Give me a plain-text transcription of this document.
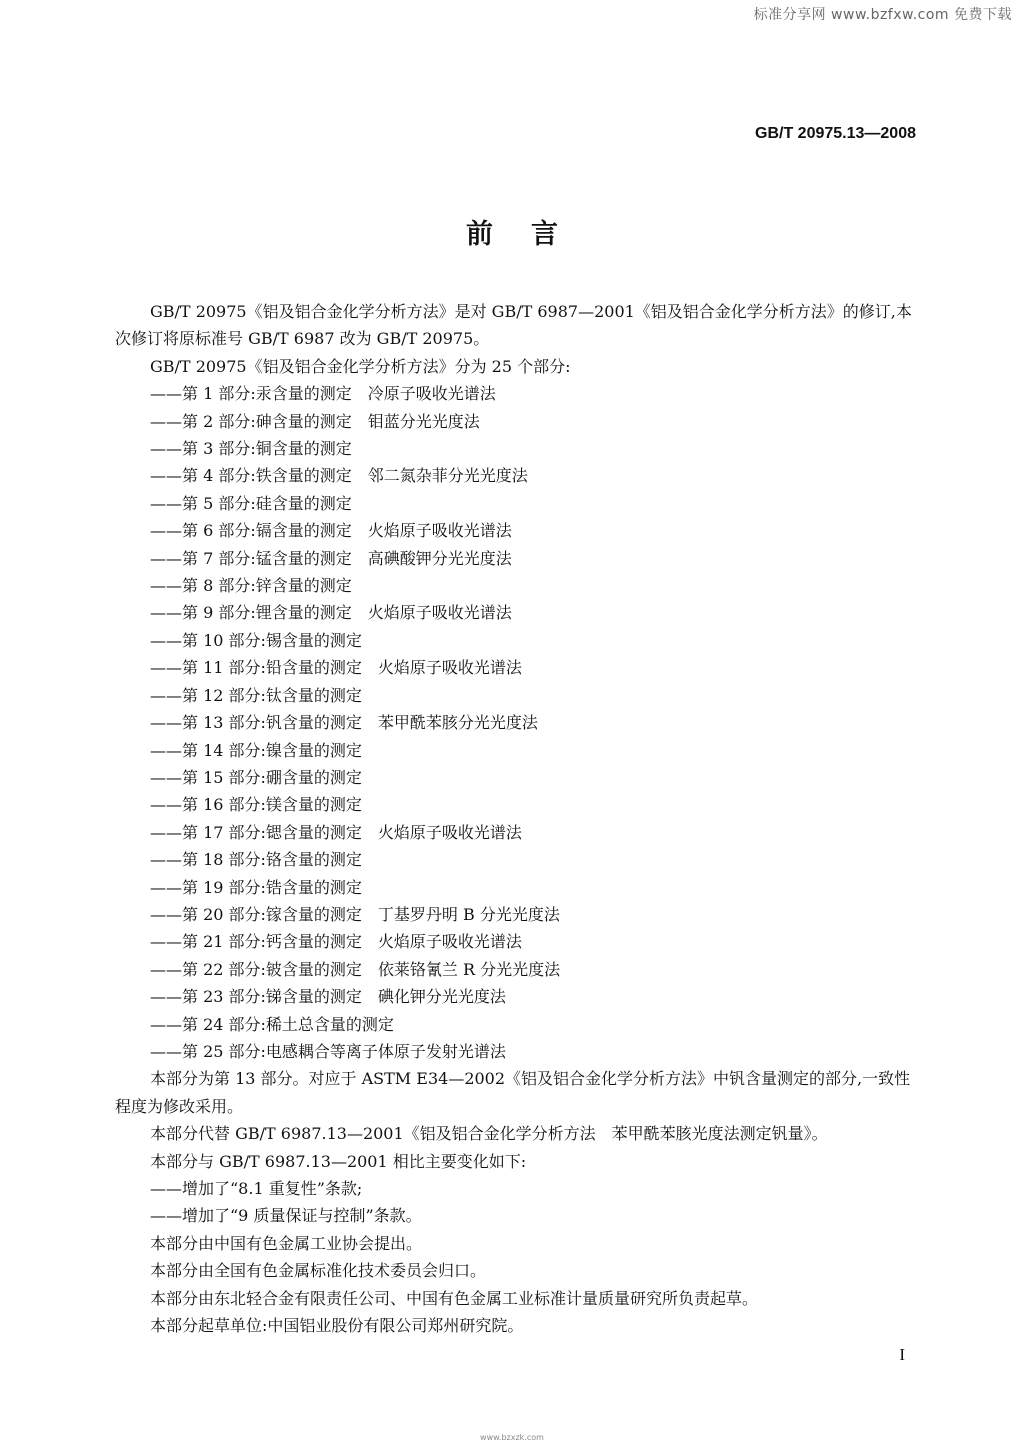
标准分享网 www.bzfxw.com 免费下载
GB/T 20975.13—2008
前言

GB/T 20975《铝及铝合金化学分析方法》是对 GB/T 6987—2001《铝及铝合金化学分析方法》的修订,本次修订将原标准号 GB/T 6987 改为 GB/T 20975。

GB/T 20975《铝及铝合金化学分析方法》分为 25 个部分:

——第 1 部分:汞含量的测定　冷原子吸收光谱法

——第 2 部分:砷含量的测定　钼蓝分光光度法

——第 3 部分:铜含量的测定

——第 4 部分:铁含量的测定　邻二氮杂菲分光光度法

——第 5 部分:硅含量的测定

——第 6 部分:镉含量的测定　火焰原子吸收光谱法

——第 7 部分:锰含量的测定　高碘酸钾分光光度法

——第 8 部分:锌含量的测定

——第 9 部分:锂含量的测定　火焰原子吸收光谱法

——第 10 部分:锡含量的测定

——第 11 部分:铅含量的测定　火焰原子吸收光谱法

——第 12 部分:钛含量的测定

——第 13 部分:钒含量的测定　苯甲酰苯胲分光光度法

——第 14 部分:镍含量的测定

——第 15 部分:硼含量的测定

——第 16 部分:镁含量的测定

——第 17 部分:锶含量的测定　火焰原子吸收光谱法

——第 18 部分:铬含量的测定

——第 19 部分:锆含量的测定

——第 20 部分:镓含量的测定　丁基罗丹明 B 分光光度法

——第 21 部分:钙含量的测定　火焰原子吸收光谱法

——第 22 部分:铍含量的测定　依莱铬氰兰 R 分光光度法

——第 23 部分:锑含量的测定　碘化钾分光光度法

——第 24 部分:稀土总含量的测定

——第 25 部分:电感耦合等离子体原子发射光谱法

本部分为第 13 部分。对应于 ASTM E34—2002《铝及铝合金化学分析方法》中钒含量测定的部分,一致性程度为修改采用。

本部分代替 GB/T 6987.13—2001《铝及铝合金化学分析方法　苯甲酰苯胲光度法测定钒量》。

本部分与 GB/T 6987.13—2001 相比主要变化如下:

——增加了“8.1 重复性”条款;

——增加了“9 质量保证与控制”条款。

本部分由中国有色金属工业协会提出。

本部分由全国有色金属标准化技术委员会归口。

本部分由东北轻合金有限责任公司、中国有色金属工业标准计量质量研究所负责起草。

本部分起草单位:中国铝业股份有限公司郑州研究院。

I
www.bzxzk.com
